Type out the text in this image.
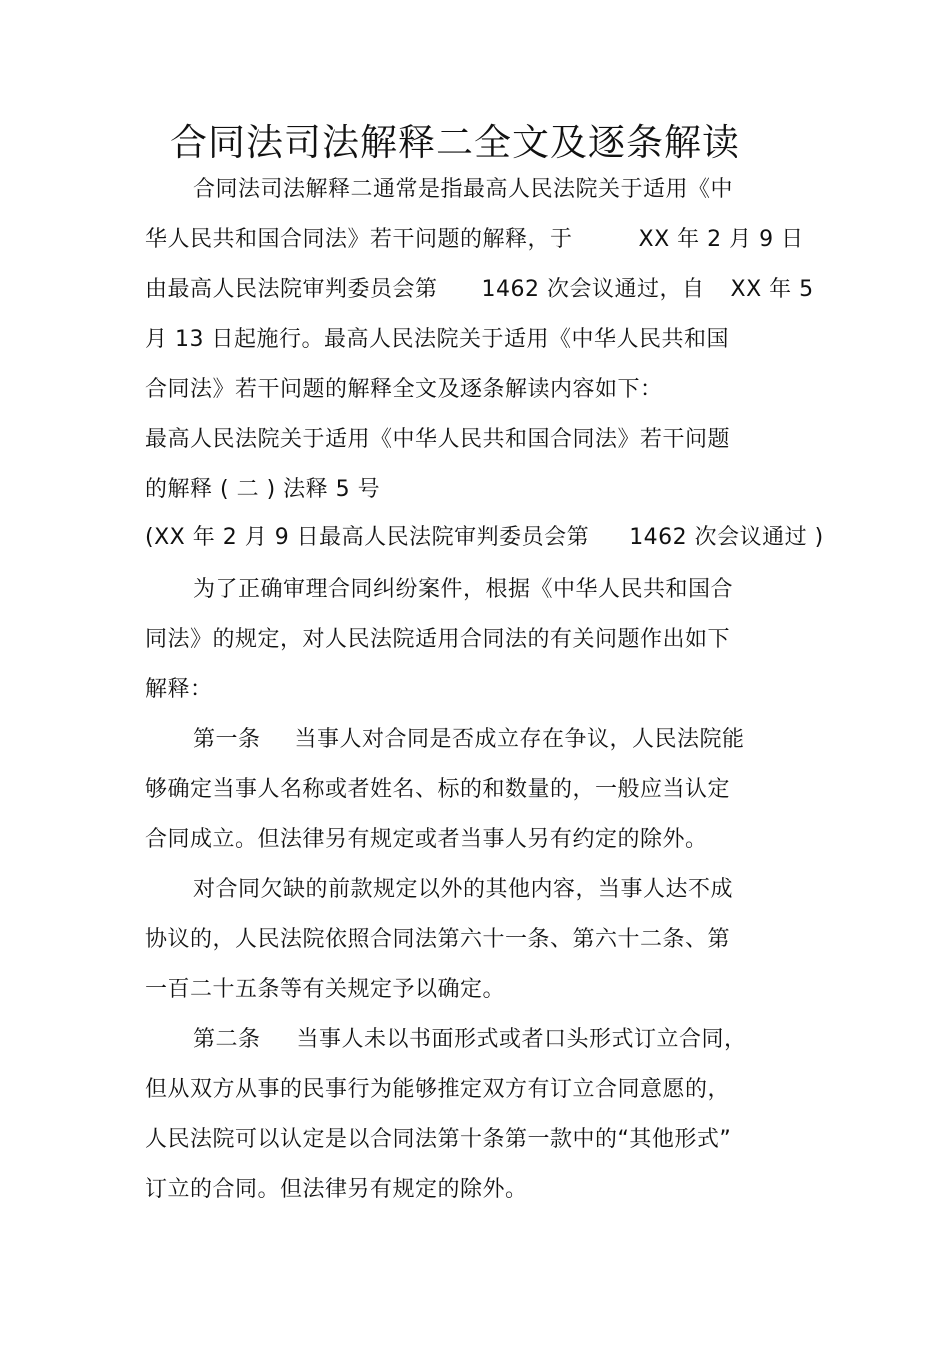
合同法司法解释二全文及逐条解读
合同法司法解释二通常是指最高人民法院关于适用《中
华人民共和国合同法》若干问题的解释，于	XX 年 2 月 9 日
由最高人民法院审判委员会第 1462 次会议通过，自 XX 年 5
月 13 日起施行。最高人民法院关于适用《中华人民共和国
合同法》若干问题的解释全文及逐条解读内容如下：
最高人民法院关于适用《中华人民共和国合同法》若干问题
的解释 ( 二 ) 法释 5 号
(XX 年 2 月 9 日最高人民法院审判委员会第 1462 次会议通过 )
为了正确审理合同纠纷案件，根据《中华人民共和国合
同法》的规定，对人民法院适用合同法的有关问题作出如下
解释：
第一条 当事人对合同是否成立存在争议，人民法院能
够确定当事人名称或者姓名、标的和数量的，一般应当认定
合同成立。但法律另有规定或者当事人另有约定的除外。
对合同欠缺的前款规定以外的其他内容，当事人达不成
协议的，人民法院依照合同法第六十一条、第六十二条、第
一百二十五条等有关规定予以确定。
第二条 当事人未以书面形式或者口头形式订立合同，
但从双方从事的民事行为能够推定双方有订立合同意愿的，
人民法院可以认定是以合同法第十条第一款中的“其他形式”
订立的合同。但法律另有规定的除外。
